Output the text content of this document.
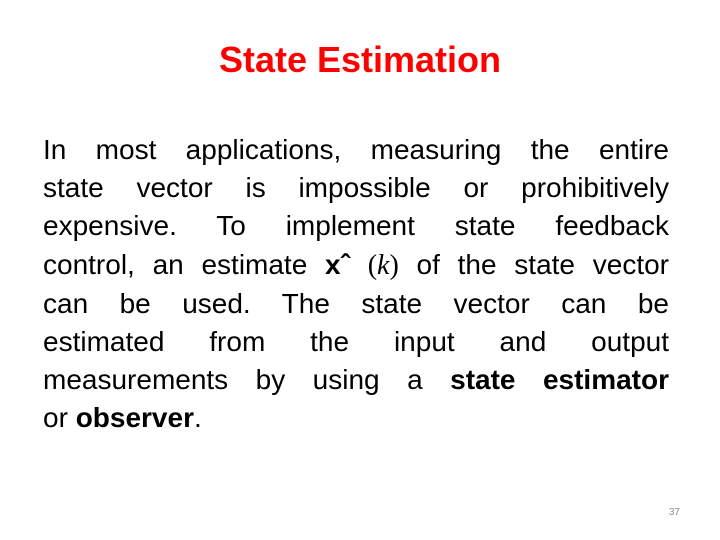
State Estimation
In most applications, measuring the entire
state vector is impossible or prohibitively
expensive. To implement state feedback
control, an estimate xˆ (k) of the state vector
can be used. The state vector can be
estimated from the input and output
measurements by using a state estimator
or observer.
37
